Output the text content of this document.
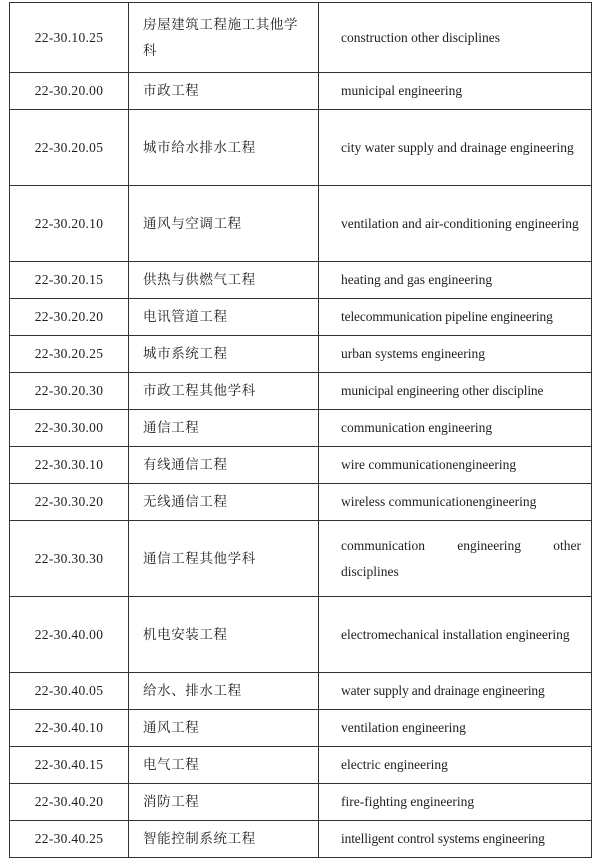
22-30.10.25	房屋建筑工程施工其他学科	construction other disciplines
22-30.20.00	市政工程	municipal engineering
22-30.20.05	城市给水排水工程	city water supply and drainage engineering
22-30.20.10	通风与空调工程	ventilation and air-conditioning engineering
22-30.20.15	供热与供燃气工程	heating and gas engineering
22-30.20.20	电讯管道工程	telecommunication pipeline engineering
22-30.20.25	城市系统工程	urban systems engineering
22-30.20.30	市政工程其他学科	municipal engineering other discipline
22-30.30.00	通信工程	communication engineering
22-30.30.10	有线通信工程	wire communicationengineering
22-30.30.20	无线通信工程	wireless communicationengineering
22-30.30.30	通信工程其他学科	communication engineering other disciplines
22-30.40.00	机电安装工程	electromechanical installation engineering
22-30.40.05	给水、排水工程	water supply and drainage engineering
22-30.40.10	通风工程	ventilation engineering
22-30.40.15	电气工程	electric engineering
22-30.40.20	消防工程	fire-fighting engineering
22-30.40.25	智能控制系统工程	intelligent control systems engineering
